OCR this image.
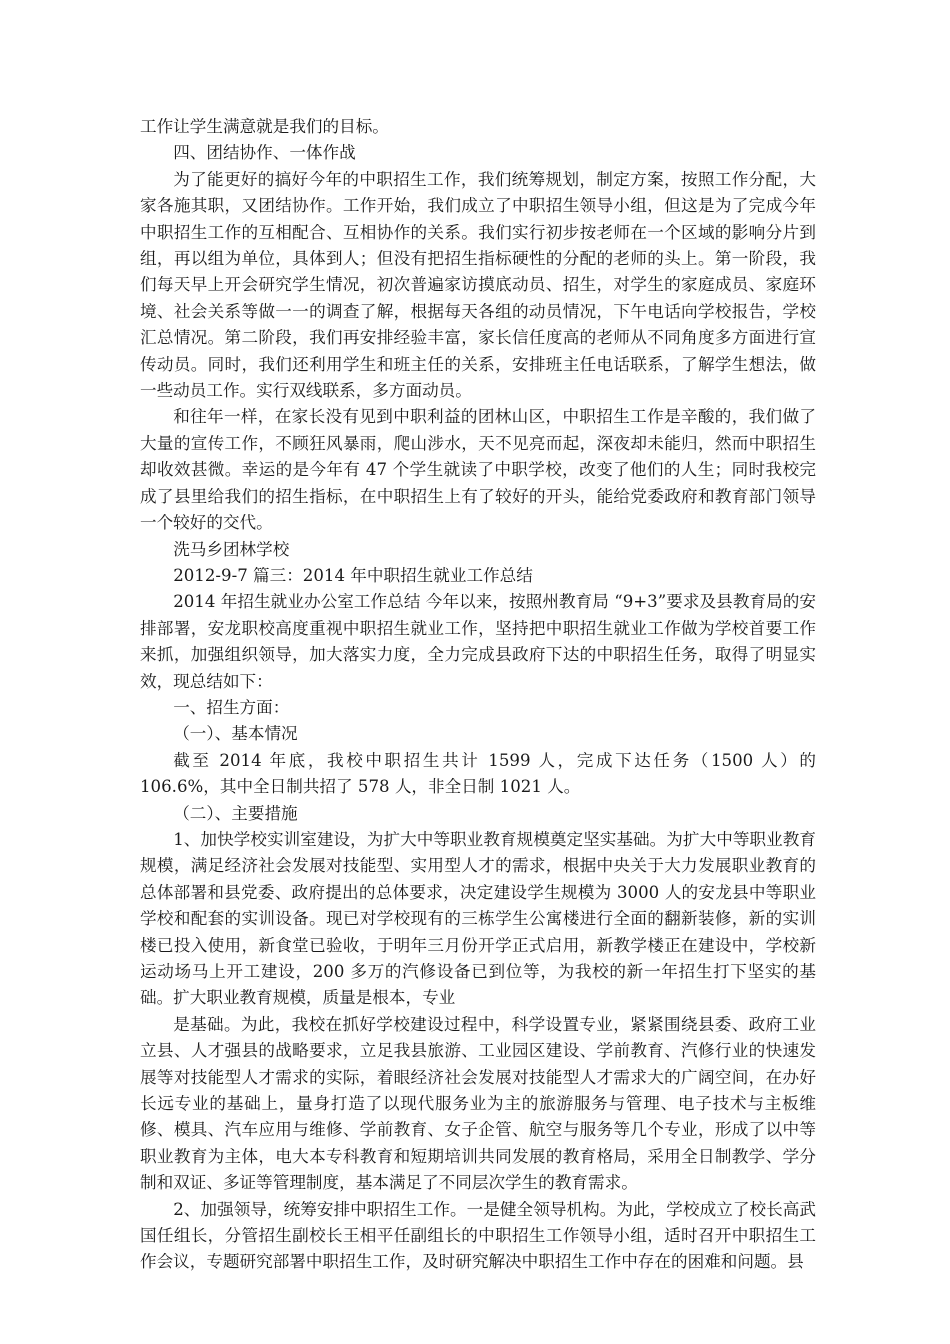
工作让学生满意就是我们的目标。

四、团结协作、一体作战

为了能更好的搞好今年的中职招生工作，我们统筹规划，制定方案，按照工作分配，大家各施其职，又团结协作。工作开始，我们成立了中职招生领导小组，但这是为了完成今年中职招生工作的互相配合、互相协作的关系。我们实行初步按老师在一个区域的影响分片到组，再以组为单位，具体到人；但没有把招生指标硬性的分配的老师的头上。第一阶段，我们每天早上开会研究学生情况，初次普遍家访摸底动员、招生，对学生的家庭成员、家庭环境、社会关系等做一一的调查了解，根据每天各组的动员情况，下午电话向学校报告，学校汇总情况。第二阶段，我们再安排经验丰富，家长信任度高的老师从不同角度多方面进行宣传动员。同时，我们还利用学生和班主任的关系，安排班主任电话联系，了解学生想法，做一些动员工作。实行双线联系，多方面动员。

和往年一样，在家长没有见到中职利益的团林山区，中职招生工作是辛酸的，我们做了大量的宣传工作，不顾狂风暴雨，爬山涉水，天不见亮而起，深夜却未能归，然而中职招生却收效甚微。幸运的是今年有 47 个学生就读了中职学校，改变了他们的人生；同时我校完成了县里给我们的招生指标，在中职招生上有了较好的开头，能给党委政府和教育部门领导一个较好的交代。

洗马乡团林学校

2012-9-7 篇三：2014 年中职招生就业工作总结

2014 年招生就业办公室工作总结 今年以来，按照州教育局 “9+3”要求及县教育局的安排部署，安龙职校高度重视中职招生就业工作，坚持把中职招生就业工作做为学校首要工作来抓，加强组织领导，加大落实力度，全力完成县政府下达的中职招生任务，取得了明显实效，现总结如下：

一、招生方面：

（一）、基本情况

截至 2014 年底，我校中职招生共计 1599 人，完成下达任务（1500 人）的 106.6%，其中全日制共招了 578 人，非全日制 1021 人。

（二）、主要措施

1、加快学校实训室建设，为扩大中等职业教育规模奠定坚实基础。为扩大中等职业教育规模，满足经济社会发展对技能型、实用型人才的需求，根据中央关于大力发展职业教育的总体部署和县党委、政府提出的总体要求，决定建设学生规模为 3000 人的安龙县中等职业学校和配套的实训设备。现已对学校现有的三栋学生公寓楼进行全面的翻新装修，新的实训楼已投入使用，新食堂已验收，于明年三月份开学正式启用，新教学楼正在建设中，学校新运动场马上开工建设，200 多万的汽修设备已到位等，为我校的新一年招生打下坚实的基础。扩大职业教育规模，质量是根本，专业

是基础。为此，我校在抓好学校建设过程中，科学设置专业，紧紧围绕县委、政府工业立县、人才强县的战略要求，立足我县旅游、工业园区建设、学前教育、汽修行业的快速发展等对技能型人才需求的实际，着眼经济社会发展对技能型人才需求大的广阔空间，在办好长远专业的基础上，量身打造了以现代服务业为主的旅游服务与管理、电子技术与主板维修、模具、汽车应用与维修、学前教育、女子企管、航空与服务等几个专业，形成了以中等职业教育为主体，电大本专科教育和短期培训共同发展的教育格局，采用全日制教学、学分制和双证、多证等管理制度，基本满足了不同层次学生的教育需求。

2、加强领导，统筹安排中职招生工作。一是健全领导机构。为此，学校成立了校长高武国任组长，分管招生副校长王相平任副组长的中职招生工作领导小组，适时召开中职招生工作会议，专题研究部署中职招生工作，及时研究解决中职招生工作中存在的困难和问题。县
